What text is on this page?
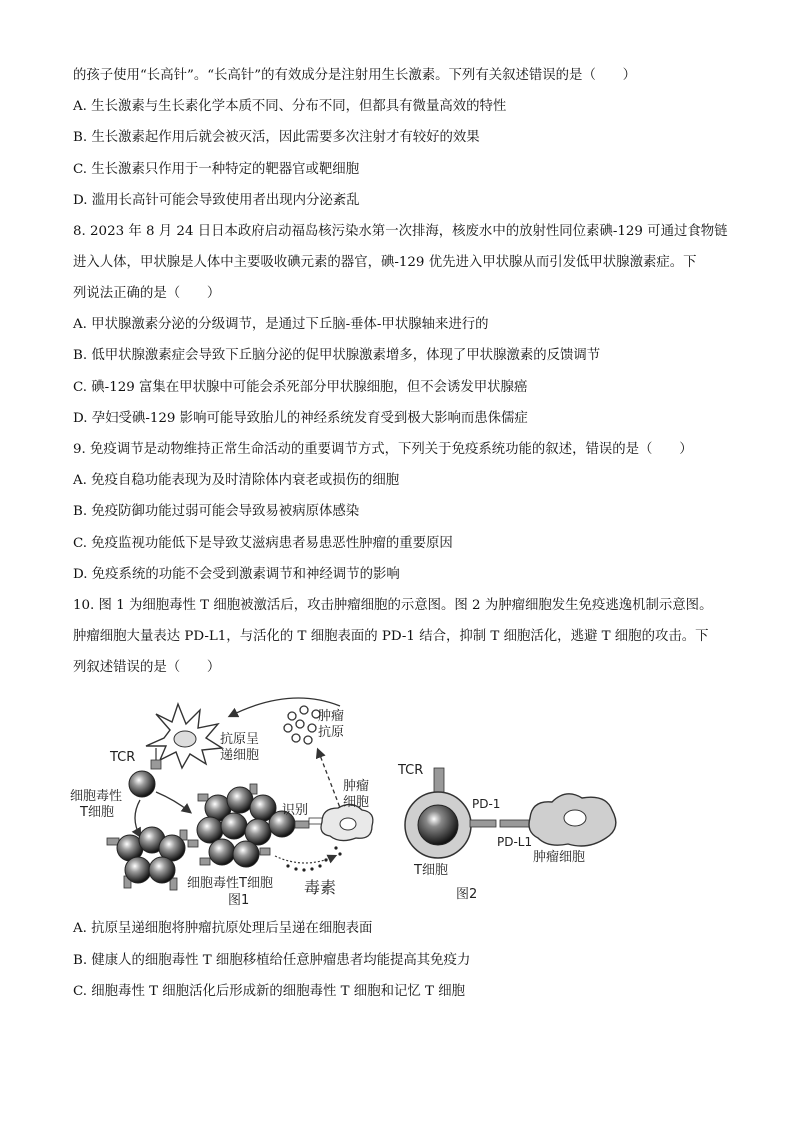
的孩子使用“长高针”。“长高针”的有效成分是注射用生长激素。下列有关叙述错误的是（　　）
A. 生长激素与生长素化学本质不同、分布不同，但都具有微量高效的特性
B. 生长激素起作用后就会被灭活，因此需要多次注射才有较好的效果
C. 生长激素只作用于一种特定的靶器官或靶细胞
D. 滥用长高针可能会导致使用者出现内分泌紊乱
8. 2023 年 8 月 24 日日本政府启动福岛核污染水第一次排海，核废水中的放射性同位素碘-129 可通过食物链
进入人体，甲状腺是人体中主要吸收碘元素的器官，碘-129 优先进入甲状腺从而引发低甲状腺激素症。下
列说法正确的是（　　）
A. 甲状腺激素分泌的分级调节，是通过下丘脑-垂体-甲状腺轴来进行的
B. 低甲状腺激素症会导致下丘脑分泌的促甲状腺激素增多，体现了甲状腺激素的反馈调节
C. 碘-129 富集在甲状腺中可能会杀死部分甲状腺细胞，但不会诱发甲状腺癌
D. 孕妇受碘-129 影响可能导致胎儿的神经系统发育受到极大影响而患侏儒症
9. 免疫调节是动物维持正常生命活动的重要调节方式，下列关于免疫系统功能的叙述，错误的是（　　）
A. 免疫自稳功能表现为及时清除体内衰老或损伤的细胞
B. 免疫防御功能过弱可能会导致易被病原体感染
C. 免疫监视功能低下是导致艾滋病患者易患恶性肿瘤的重要原因
D. 免疫系统的功能不会受到激素调节和神经调节的影响
10. 图 1 为细胞毒性 T 细胞被激活后，攻击肿瘤细胞的示意图。图 2 为肿瘤细胞发生免疫逃逸机制示意图。
肿瘤细胞大量表达 PD-L1，与活化的 T 细胞表面的 PD-1 结合，抑制 T 细胞活化，逃避 T 细胞的攻击。下
列叙述错误的是（　　）
抗原呈
递细胞
肿瘤
抗原
TCR
细胞毒性
T细胞	识别
肿瘤
细胞
毒素
细胞毒性T细胞
图1
TCR
PD-1
PD-L1
肿瘤细胞
T细胞
图2
A. 抗原呈递细胞将肿瘤抗原处理后呈递在细胞表面
B. 健康人的细胞毒性 T 细胞移植给任意肿瘤患者均能提高其免疫力
C. 细胞毒性 T 细胞活化后形成新的细胞毒性 T 细胞和记忆 T 细胞
